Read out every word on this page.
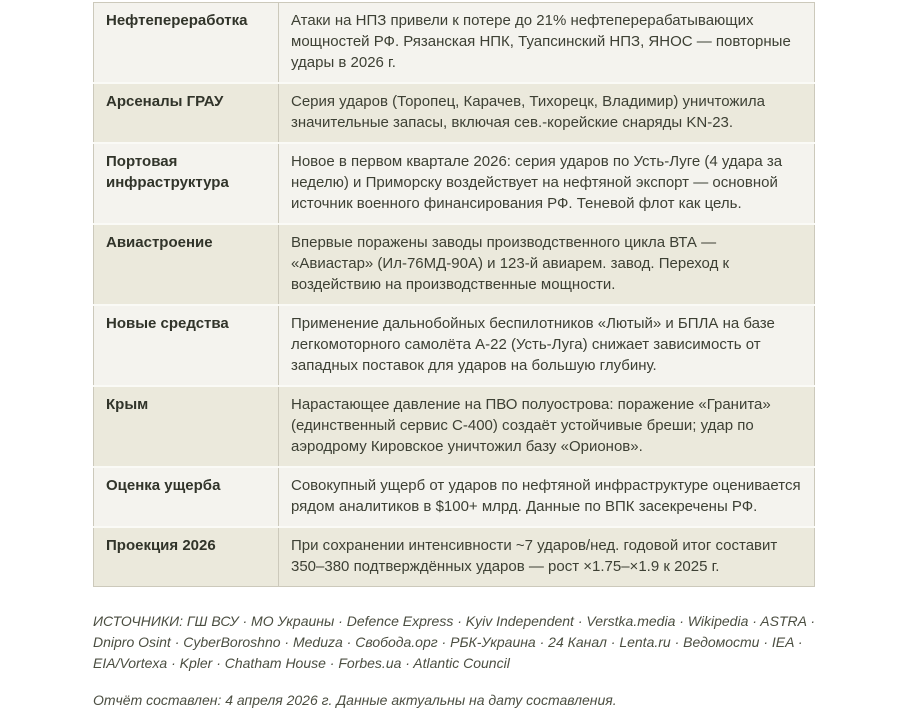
Нефтепереработка	Атаки на НПЗ привели к потере до 21% нефтеперерабатывающих мощностей РФ. Рязанская НПК, Туапсинский НПЗ, ЯНОС — повторные удары в 2026 г.
Арсеналы ГРАУ	Серия ударов (Торопец, Карачев, Тихорецк, Владимир) уничтожила значительные запасы, включая сев.-корейские снаряды KN-23.
Портовая инфраструктура	Новое в первом квартале 2026: серия ударов по Усть-Луге (4 удара за неделю) и Приморску воздействует на нефтяной экспорт — основной источник военного финансирования РФ. Теневой флот как цель.
Авиастроение	Впервые поражены заводы производственного цикла ВТА — «Авиастар» (Ил-76МД-90А) и 123-й авиарем. завод. Переход к воздействию на производственные мощности.
Новые средства	Применение дальнобойных беспилотников «Лютый» и БПЛА на базе легкомоторного самолёта А-22 (Усть-Луга) снижает зависимость от западных поставок для ударов на большую глубину.
Крым	Нарастающее давление на ПВО полуострова: поражение «Гранита» (единственный сервис С-400) создаёт устойчивые бреши; удар по аэродрому Кировское уничтожил базу «Орионов».
Оценка ущерба	Совокупный ущерб от ударов по нефтяной инфраструктуре оценивается рядом аналитиков в $100+ млрд. Данные по ВПК засекречены РФ.
Проекция 2026	При сохранении интенсивности ~7 ударов/нед. годовой итог составит 350–380 подтверждённых ударов — рост ×1.75–×1.9 к 2025 г.

ИСТОЧНИКИ: ГШ ВСУ · МО Украины · Defence Express · Kyiv Independent · Verstka.media · Wikipedia · ASTRA · Dnipro Osint · CyberBoroshno · Meduza · Свобода.орг · РБК-Украина · 24 Канал · Lenta.ru · Ведомости · IEA · EIA/Vortexa · Kpler · Chatham House · Forbes.ua · Atlantic Council

Отчёт составлен: 4 апреля 2026 г. Данные актуальны на дату составления.
